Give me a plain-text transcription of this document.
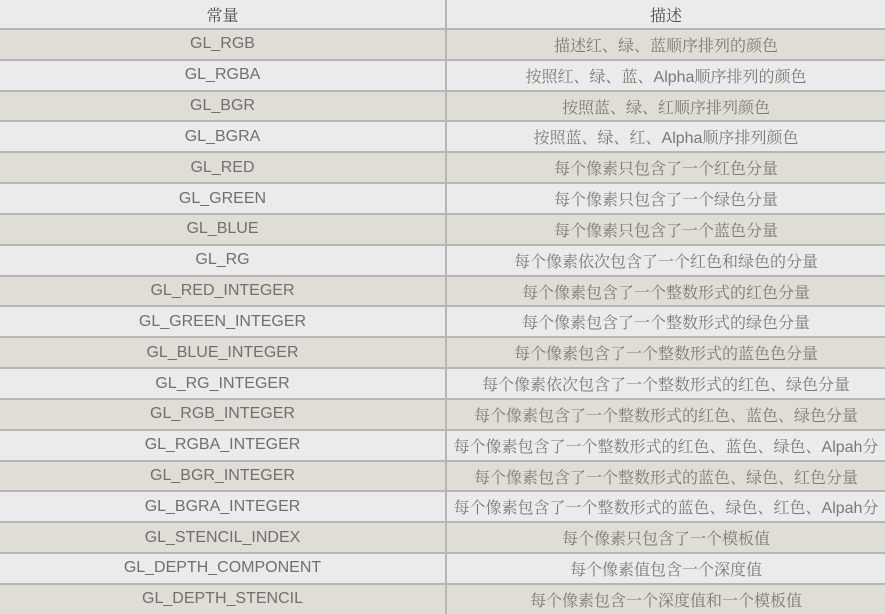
常量	描述
GL_RGB	描述红、绿、蓝顺序排列的颜色
GL_RGBA	按照红、绿、蓝、Alpha顺序排列的颜色
GL_BGR	按照蓝、绿、红顺序排列颜色
GL_BGRA	按照蓝、绿、红、Alpha顺序排列颜色
GL_RED	每个像素只包含了一个红色分量
GL_GREEN	每个像素只包含了一个绿色分量
GL_BLUE	每个像素只包含了一个蓝色分量
GL_RG	每个像素依次包含了一个红色和绿色的分量
GL_RED_INTEGER	每个像素包含了一个整数形式的红色分量
GL_GREEN_INTEGER	每个像素包含了一个整数形式的绿色分量
GL_BLUE_INTEGER	每个像素包含了一个整数形式的蓝色色分量
GL_RG_INTEGER	每个像素依次包含了一个整数形式的红色、绿色分量
GL_RGB_INTEGER	每个像素包含了一个整数形式的红色、蓝色、绿色分量
GL_RGBA_INTEGER	每个像素包含了一个整数形式的红色、蓝色、绿色、Alpah分
GL_BGR_INTEGER	每个像素包含了一个整数形式的蓝色、绿色、红色分量
GL_BGRA_INTEGER	每个像素包含了一个整数形式的蓝色、绿色、红色、Alpah分
GL_STENCIL_INDEX	每个像素只包含了一个模板值
GL_DEPTH_COMPONENT	每个像素值包含一个深度值
GL_DEPTH_STENCIL	每个像素包含一个深度值和一个模板值
